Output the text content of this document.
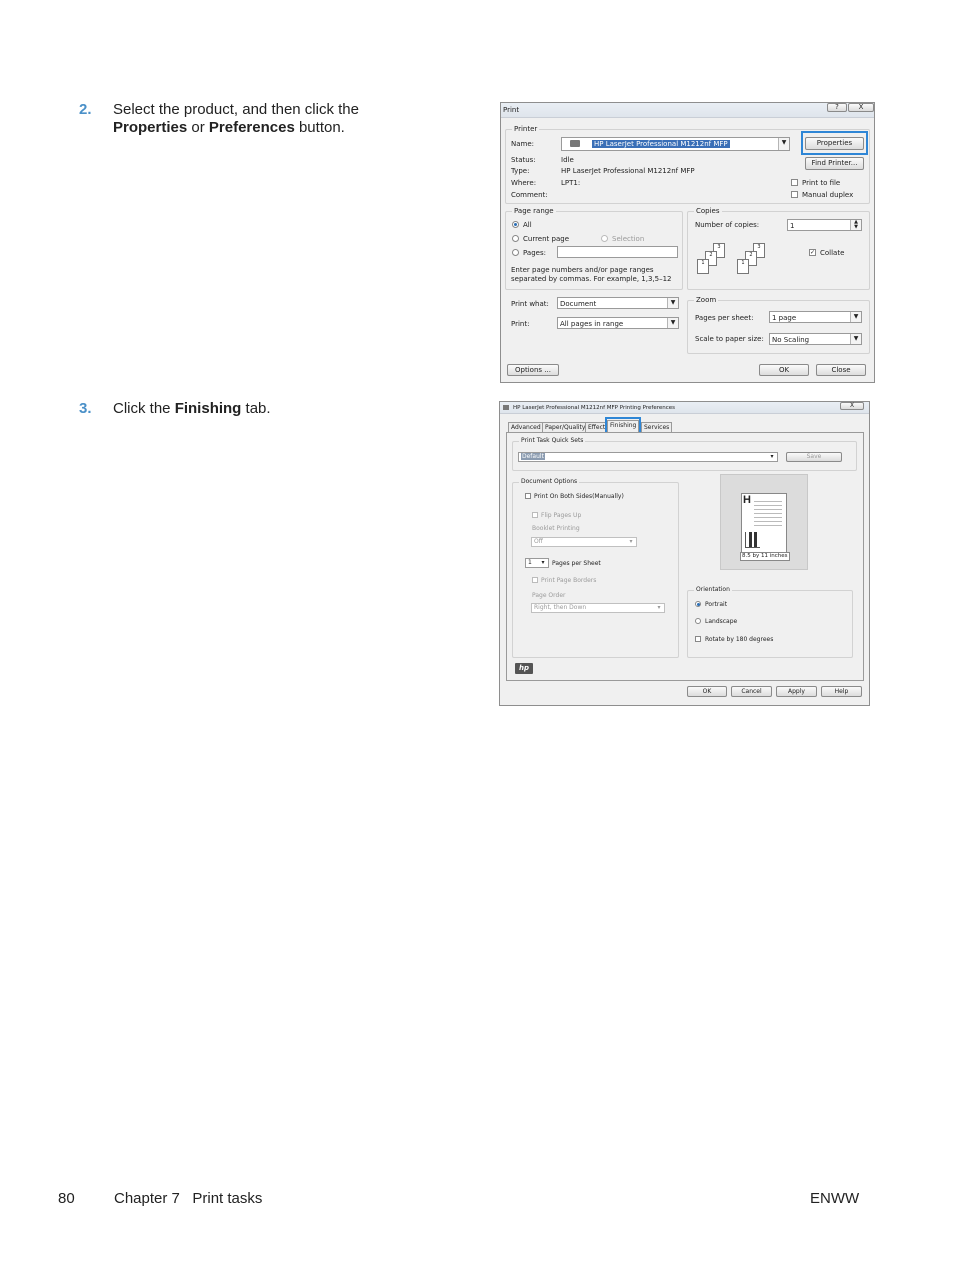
2. Select the product, and then click the
Properties or Preferences button.
Print	?	X
Printer
Name:	HP LaserJet Professional M1212nf MFP	▼	Properties
Find Printer...
Status:	Idle
Type:	HP LaserJet Professional M1212nf MFP
Where:	LPT1:
Comment:
Print to file
Manual duplex
Page range
All
Current page	Selection
Pages:
Enter page numbers and/or page ranges
separated by commas. For example, 1,3,5–12
Copies
Number of copies:	1	▲
▼
3
2
1
3
2
1
✓ Collate
Print what:	Document	▼
Print:	All pages in range	▼
Zoom
Pages per sheet:	1 page	▼
Scale to paper size:	No Scaling	▼
Options ...	OK	Close
3. Click the Finishing tab.	HP LaserJet Professional M1212nf MFP Printing Preferences	X
Advanced Paper/Quality Effect Finishing	Services
Print Task Quick Sets
Default	▾	Save
Document Options
Print On Both Sides(Manually)
Flip Pages Up
Booklet Printing
Off	▾
1	▾	Pages per Sheet
Print Page Borders
Page Order
Right, then Down	▾
H
8.5 by 11 inches
Orientation
Portrait
Landscape
Rotate by 180 degrees
hp
OK	Cancel	Apply	Help
80	Chapter 7   Print tasks	ENWW
